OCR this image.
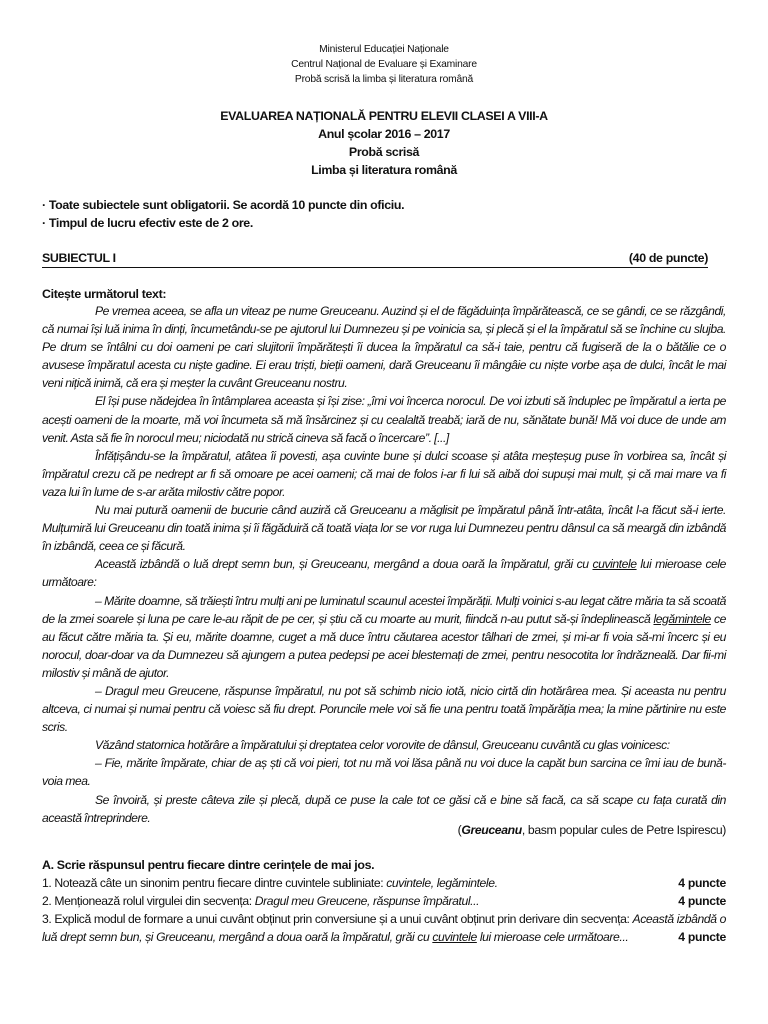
Ministerul Educației Naționale
Centrul Național de Evaluare și Examinare
Probă scrisă la limba și literatura română
EVALUAREA NAȚIONALĂ PENTRU ELEVII CLASEI A VIII-A
Anul școlar 2016 – 2017
Probă scrisă
Limba și literatura română
· Toate subiectele sunt obligatorii. Se acordă 10 puncte din oficiu.
· Timpul de lucru efectiv este de 2 ore.
SUBIECTUL I	(40 de puncte)
Citește următorul text:

Pe vremea aceea, se afla un viteaz pe nume Greuceanu. Auzind și el de făgăduința împărătească, ce se gândi, ce se răzgândi, că numai își luă inima în dinți, încumetându-se pe ajutorul lui Dumnezeu și pe voinicia sa, și plecă și el la împăratul să se închine cu slujba. Pe drum se întâlni cu doi oameni pe cari slujitorii împărătești îi ducea la împăratul ca să-i taie, pentru că fugiseră de la o bătălie ce o avusese împăratul acesta cu niște gadine. Ei erau triști, bieții oameni, dară Greuceanu îi mângâie cu niște vorbe așa de dulci, încât le mai veni nițică inimă, că era și meșter la cuvânt Greuceanu nostru.

El își puse nădejdea în întâmplarea aceasta și își zise: „îmi voi încerca norocul. De voi izbuti să înduplec pe împăratul a ierta pe acești oameni de la moarte, mă voi încumeta să mă însărcinez și cu cealaltă treabă; iară de nu, sănătate bună! Mă voi duce de unde am venit. Asta să fie în norocul meu; niciodată nu strică cineva să facă o încercare”. [...]

Înfățișându-se la împăratul, atâtea îi povesti, așa cuvinte bune și dulci scoase și atâta meșteșug puse în vorbirea sa, încât și împăratul crezu că pe nedrept ar fi să omoare pe acei oameni; că mai de folos i-ar fi lui să aibă doi supuși mai mult, și că mai mare va fi vaza lui în lume de s-ar arăta milostiv către popor.

Nu mai putură oamenii de bucurie când auziră că Greuceanu a măglisit pe împăratul până într-atâta, încât l-a făcut să-i ierte. Mulțumiră lui Greuceanu din toată inima și îi făgăduiră că toată viața lor se vor ruga lui Dumnezeu pentru dânsul ca să meargă din izbândă în izbândă, ceea ce și făcură.

Această izbândă o luă drept semn bun, și Greuceanu, mergând a doua oară la împăratul, grăi cu cuvintele lui mieroase cele următoare:

– Mărite doamne, să trăiești întru mulți ani pe luminatul scaunul acestei împărății. Mulți voinici s-au legat către măria ta să scoată de la zmei soarele și luna pe care le-au răpit de pe cer, și știu că cu moarte au murit, fiindcă n-au putut să-și îndeplinească legămintele ce au făcut către măria ta. Și eu, mărite doamne, cuget a mă duce întru căutarea acestor tâlhari de zmei, și mi-ar fi voia să-mi încerc și eu norocul, doar-doar va da Dumnezeu să ajungem a putea pedepsi pe acei blestemați de zmei, pentru nesocotita lor îndrăzneală. Dar fii-mi milostiv și mână de ajutor.

– Dragul meu Greucene, răspunse împăratul, nu pot să schimb nicio iotă, nicio cirtă din hotărârea mea. Și aceasta nu pentru altceva, ci numai și numai pentru că voiesc să fiu drept. Poruncile mele voi să fie una pentru toată împărăția mea; la mine părtinire nu este scris.

Văzând statornica hotărâre a împăratului și dreptatea celor vorovite de dânsul, Greuceanu cuvântă cu glas voinicesc:

– Fie, mărite împărate, chiar de aș ști că voi pieri, tot nu mă voi lăsa până nu voi duce la capăt bun sarcina ce îmi iau de bună-voia mea.

Se învoiră, și preste câteva zile și plecă, după ce puse la cale tot ce găsi că e bine să facă, ca să scape cu fața curată din această întreprindere.

(Greuceanu, basm popular cules de Petre Ispirescu)
A. Scrie răspunsul pentru fiecare dintre cerințele de mai jos.
1. Notează câte un sinonim pentru fiecare dintre cuvintele subliniate: cuvintele, legămintele.	4 puncte
2. Menționează rolul virgulei din secvența: Dragul meu Greucene, răspunse împăratul...	4 puncte
3. Explică modul de formare a unui cuvânt obținut prin conversiune și a unui cuvânt obținut prin derivare din secvența: Această izbândă o luă drept semn bun, și Greuceanu, mergând a doua oară la împăratul, grăi cu cuvintele lui mieroase cele următoare...	4 puncte
